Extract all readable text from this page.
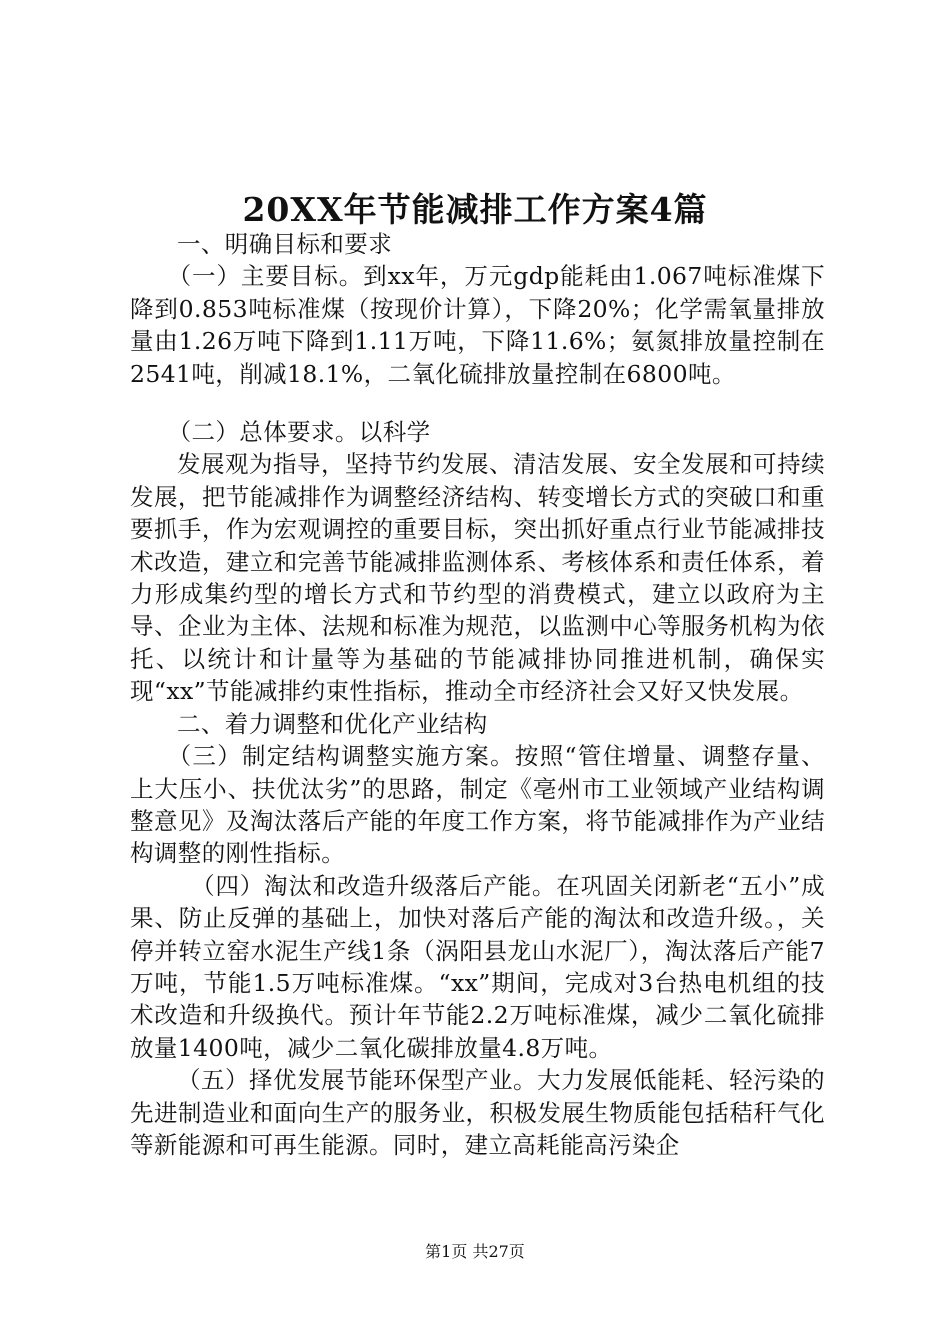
20XX年节能减排工作方案4篇

一、明确目标和要求

（一）主要目标。到xx年，万元gdp能耗由1.067吨标准煤下降到0.853吨标准煤（按现价计算），下降20%；化学需氧量排放量由1.26万吨下降到1.11万吨，下降11.6%；氨氮排放量控制在2541吨，削减18.1%，二氧化硫排放量控制在6800吨。

（二）总体要求。以科学

发展观为指导，坚持节约发展、清洁发展、安全发展和可持续发展，把节能减排作为调整经济结构、转变增长方式的突破口和重要抓手，作为宏观调控的重要目标，突出抓好重点行业节能减排技术改造，建立和完善节能减排监测体系、考核体系和责任体系，着力形成集约型的增长方式和节约型的消费模式，建立以政府为主导、企业为主体、法规和标准为规范，以监测中心等服务机构为依托、以统计和计量等为基础的节能减排协同推进机制，确保实现“xx”节能减排约束性指标，推动全市经济社会又好又快发展。

二、着力调整和优化产业结构

（三）制定结构调整实施方案。按照“管住增量、调整存量、上大压小、扶优汰劣”的思路，制定《亳州市工业领域产业结构调整意见》及淘汰落后产能的年度工作方案，将节能减排作为产业结构调整的刚性指标。

（四）淘汰和改造升级落后产能。在巩固关闭新老“五小”成果、防止反弹的基础上，加快对落后产能的淘汰和改造升级。，关停并转立窑水泥生产线1条（涡阳县龙山水泥厂），淘汰落后产能7万吨，节能1.5万吨标准煤。“xx”期间，完成对3台热电机组的技术改造和升级换代。预计年节能2.2万吨标准煤，减少二氧化硫排放量1400吨，减少二氧化碳排放量4.8万吨。

（五）择优发展节能环保型产业。大力发展低能耗、轻污染的先进制造业和面向生产的服务业，积极发展生物质能包括秸秆气化等新能源和可再生能源。同时，建立高耗能高污染企

第1页 共27页
